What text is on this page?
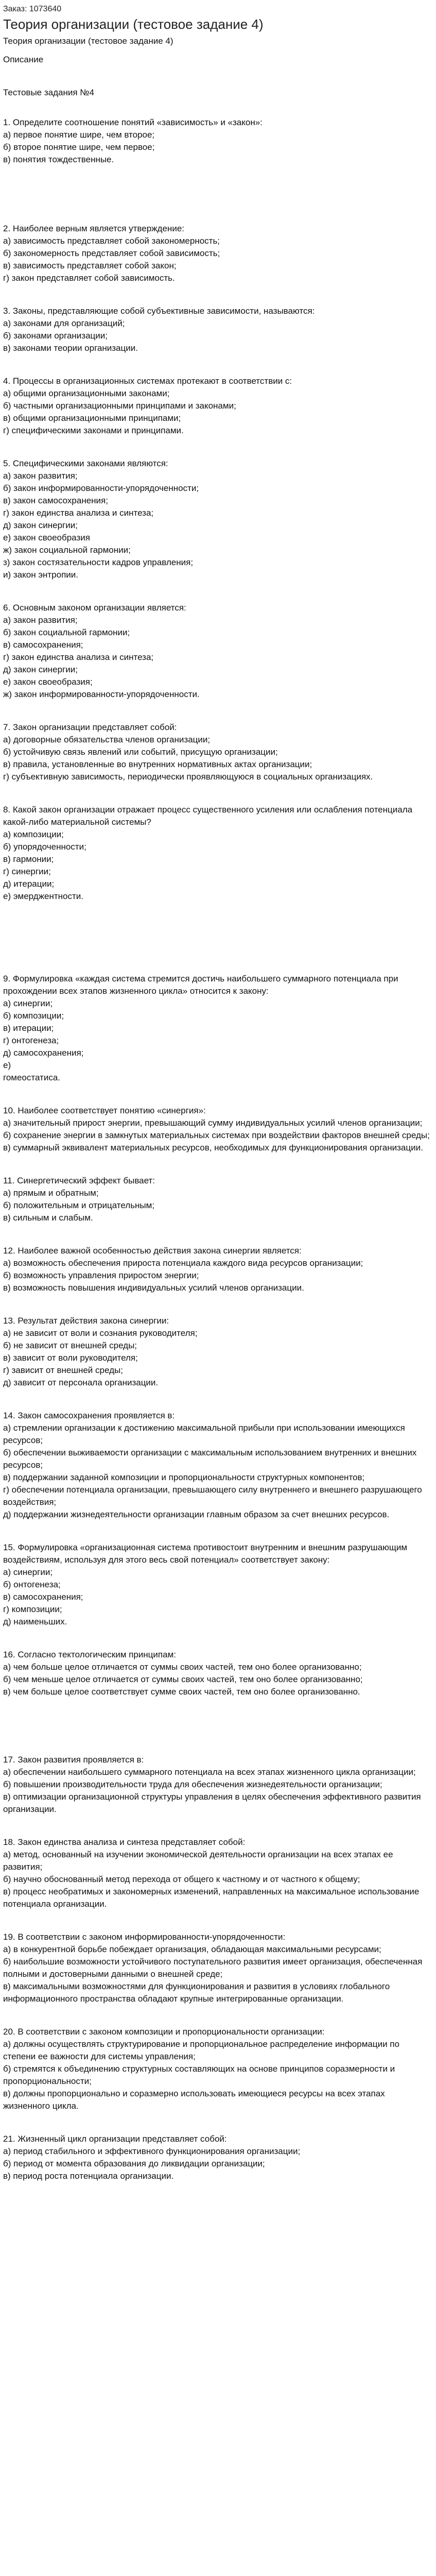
Заказ: 1073640
Теория организации (тестовое задание 4)
Теория организации (тестовое задание 4)
Описание
Тестовые задания №4
1. Определите соотношение понятий «зависимость» и «закон»:
а) первое понятие шире, чем второе;
б) второе понятие шире, чем первое;
в) понятия тождественные.
2. Наиболее верным является утверждение:
а) зависимость представляет собой закономерность;
б) закономерность представляет собой зависимость;
в) зависимость представляет собой закон;
г) закон представляет собой зависимость.
3. Законы, представляющие собой субъективные зависимости, называются:
а) законами для организаций;
б) законами организации;
в) законами теории организации.
4. Процессы в организационных системах протекают в соответствии с:
а) общими организационными законами;
б) частными организационными принципами и законами;
в) общими организационными принципами;
г) специфическими законами и принципами.
5. Специфическими законами являются:
а) закон развития;
б) закон информированности-упорядоченности;
в) закон самосохранения;
г) закон единства анализа и синтеза;
д) закон синергии;
е) закон своеобразия
ж) закон социальной гармонии;
з) закон состязательности кадров управления;
и) закон энтропии.
6. Основным законом организации является:
а) закон развития;
б) закон социальной гармонии;
в) самосохранения;
г) закон единства анализа и синтеза;
д) закон синергии;
е) закон своеобразия;
ж) закон информированности-упорядоченности.
7. Закон организации представляет собой:
а) договорные обязательства членов организации;
б) устойчивую связь явлений или событий, присущую организации;
в) правила, установленные во внутренних нормативных актах организации;
г) субъективную зависимость, периодически проявляющуюся в социальных организациях.
8. Какой закон организации отражает процесс существенного усиления или ослабления потенциала какой-либо материальной системы?
а) композиции;
б) упорядоченности;
в) гармонии;
г) синергии;
д) итерации;
е) эмерджентности.
9. Формулировка «каждая система стремится достичь наибольшего суммарного потенциала при прохождении всех этапов жизненного цикла» относится к закону:
а) синергии;
б) композиции;
в) итерации;
г) онтогенеза;
д) самосохранения;
е)
гомеостатиса.
10. Наиболее соответствует понятию «синергия»:
а) значительный прирост энергии, превышающий сумму индивидуальных усилий членов организации;
б) сохранение энергии в замкнутых материальных системах при воздействии факторов внешней среды;
в) суммарный эквивалент материальных ресурсов, необходимых для функционирования организации.
11. Синергетический эффект бывает:
а) прямым и обратным;
б) положительным и отрицательным;
в) сильным и слабым.
12. Наиболее важной особенностью действия закона синергии является:
а) возможность обеспечения прироста потенциала каждого вида ресурсов организации;
б) возможность управления приростом энергии;
в) возможность повышения индивидуальных усилий членов организации.
13. Результат действия закона синергии:
а) не зависит от воли и сознания руководителя;
б) не зависит от внешней среды;
в) зависит от воли руководителя;
г) зависит от внешней среды;
д) зависит от персонала организации.
14. Закон самосохранения проявляется в:
а) стремлении организации к достижению максимальной прибыли при использовании имеющихся ресурсов;
б) обеспечении выживаемости организации с максимальным использованием внутренних и внешних ресурсов;
в) поддержании заданной композиции и пропорциональности структурных компонентов;
г) обеспечении потенциала организации, превышающего силу внутреннего и внешнего разрушающего воздействия;
д) поддержании жизнедеятельности организации главным образом за счет внешних ресурсов.
15. Формулировка «организационная система противостоит внутренним и внешним разрушающим воздействиям, используя для этого весь свой потенциал» соответствует закону:
а) синергии;
б) онтогенеза;
в) самосохранения;
г) композиции;
д) наименьших.
16. Согласно тектологическим принципам:
а) чем больше целое отличается от суммы своих частей, тем оно более организованно;
б) чем меньше целое отличается от суммы своих частей, тем оно более организованно;
в) чем больше целое соответствует сумме своих частей, тем оно более организованно.
17. Закон развития проявляется в:
а) обеспечении наибольшего суммарного потенциала на всех этапах жизненного цикла организации;
б) повышении производительности труда для обеспечения жизнедеятельности организации;
в) оптимизации организационной структуры управления в целях обеспечения эффективного развития организации.
18. Закон единства анализа и синтеза представляет собой:
а) метод, основанный на изучении экономической деятельности организации на всех этапах ее развития;
б) научно обоснованный метод перехода от общего к частному и от частного к общему;
в) процесс необратимых и закономерных изменений, направленных на максимальное использование потенциала организации.
19. В соответствии с законом информированности-упорядоченности:
а) в конкурентной борьбе побеждает организация, обладающая максимальными ресурсами;
б) наибольшие возможности устойчивого поступательного развития имеет организация, обеспеченная полными и достоверными данными о внешней среде;
в) максимальными возможностями для функционирования и развития в условиях глобального информационного пространства обладают крупные интегрированные организации.
20. В соответствии с законом композиции и пропорциональности организации:
а) должны осуществлять структурирование и пропорциональное распределение информации по степени ее важности для системы управления;
б) стремятся к объединению структурных составляющих на основе принципов соразмерности и пропорциональности;
в) должны пропорционально и соразмерно использовать имеющиеся ресурсы на всех этапах жизненного цикла.
21. Жизненный цикл организации представляет собой:
а) период стабильного и эффективного функционирования организации;
б) период от момента образования до ликвидации организации;
в) период роста потенциала организации.
